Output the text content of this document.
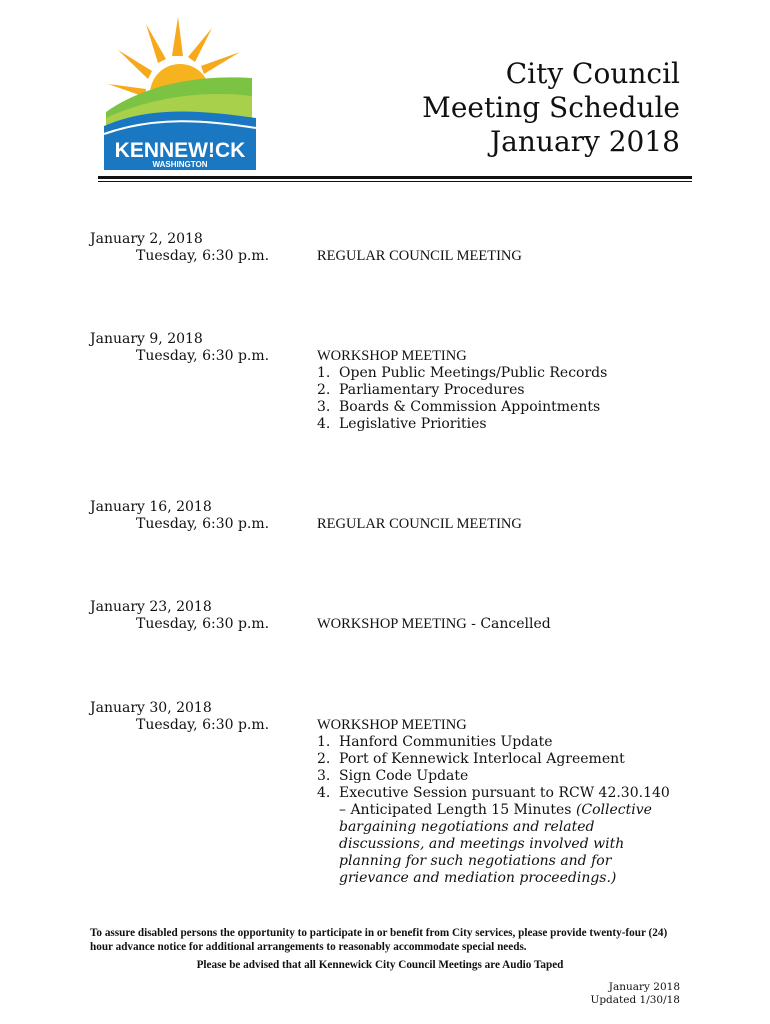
KENNEW!CK
WASHINGTON
City Council
Meeting Schedule
January 2018
January 2, 2018
Tuesday, 6:30 p.m.	REGULAR COUNCIL MEETING
January 9, 2018
Tuesday, 6:30 p.m.	WORKSHOP MEETING
1. Open Public Meetings/Public Records
2. Parliamentary Procedures
3. Boards & Commission Appointments
4. Legislative Priorities
January 16, 2018
Tuesday, 6:30 p.m.	REGULAR COUNCIL MEETING
January 23, 2018
Tuesday, 6:30 p.m.	WORKSHOP MEETING - Cancelled
January 30, 2018
Tuesday, 6:30 p.m.	WORKSHOP MEETING
1. Hanford Communities Update
2. Port of Kennewick Interlocal Agreement
3. Sign Code Update
4. Executive Session pursuant to RCW 42.30.140 – Anticipated Length 15 Minutes (Collective bargaining negotiations and related discussions, and meetings involved with planning for such negotiations and for grievance and mediation proceedings.)
To assure disabled persons the opportunity to participate in or benefit from City services, please provide twenty-four (24) hour advance notice for additional arrangements to reasonably accommodate special needs.
Please be advised that all Kennewick City Council Meetings are Audio Taped
January 2018
Updated 1/30/18
